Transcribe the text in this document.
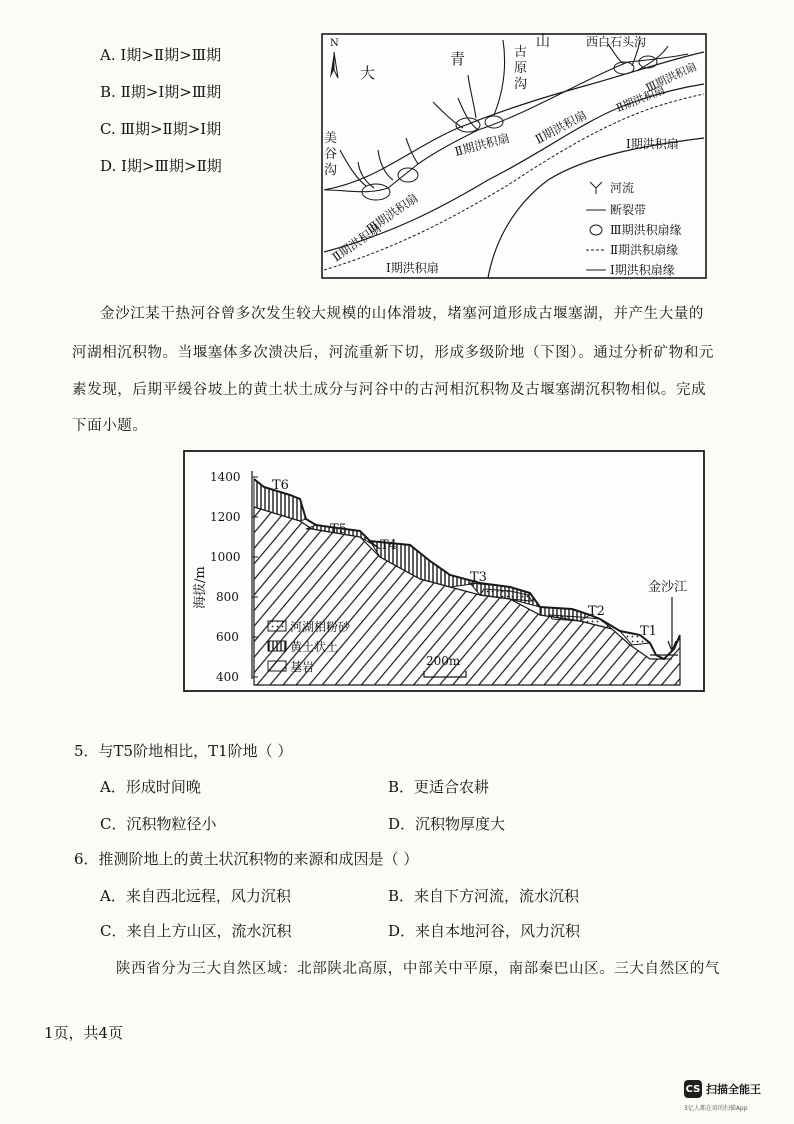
A. Ⅰ期>Ⅱ期>Ⅲ期
B. Ⅱ期>Ⅰ期>Ⅲ期
C. Ⅲ期>Ⅱ期>Ⅰ期
D. Ⅰ期>Ⅲ期>Ⅱ期
N
大
青
山
古
原
沟
西白石头沟
美
谷
沟
Ⅲ期洪积扇
Ⅱ期洪积扇
Ⅱ期洪积扇
Ⅱ期洪积扇	Ⅰ期洪积扇
Ⅲ期洪积扇
Ⅱ期洪积扇
Ⅰ期洪积扇
河流
断裂带
Ⅲ期洪积扇缘
Ⅱ期洪积扇缘
Ⅰ期洪积扇缘
金沙江某干热河谷曾多次发生较大规模的山体滑坡，堵塞河道形成古堰塞湖，并产生大量的
河湖相沉积物。当堰塞体多次溃决后，河流重新下切，形成多级阶地（下图）。通过分析矿物和元
素发现，后期平缓谷坡上的黄土状土成分与河谷中的古河相沉积物及古堰塞湖沉积物相似。完成
下面小题。
1400
1200
1000
800
600
400
海拔/m
T6
T5
T4
T3
T2
T1
金沙江
200m
河湖相粉砂
黄土状土
基岩
5．与T5阶地相比，T1阶地（ ）
A．形成时间晚	B．更适合农耕
C．沉积物粒径小	D．沉积物厚度大
6．推测阶地上的黄土状沉积物的来源和成因是（ ）
A．来自西北远程，风力沉积	B．来自下方河流，流水沉积
C．来自上方山区，流水沉积	D．来自本地河谷，风力沉积
陕西省分为三大自然区域：北部陕北高原，中部关中平原，南部秦巴山区。三大自然区的气
1页，共4页
CS 扫描全能王
3亿人都在用的扫描App
